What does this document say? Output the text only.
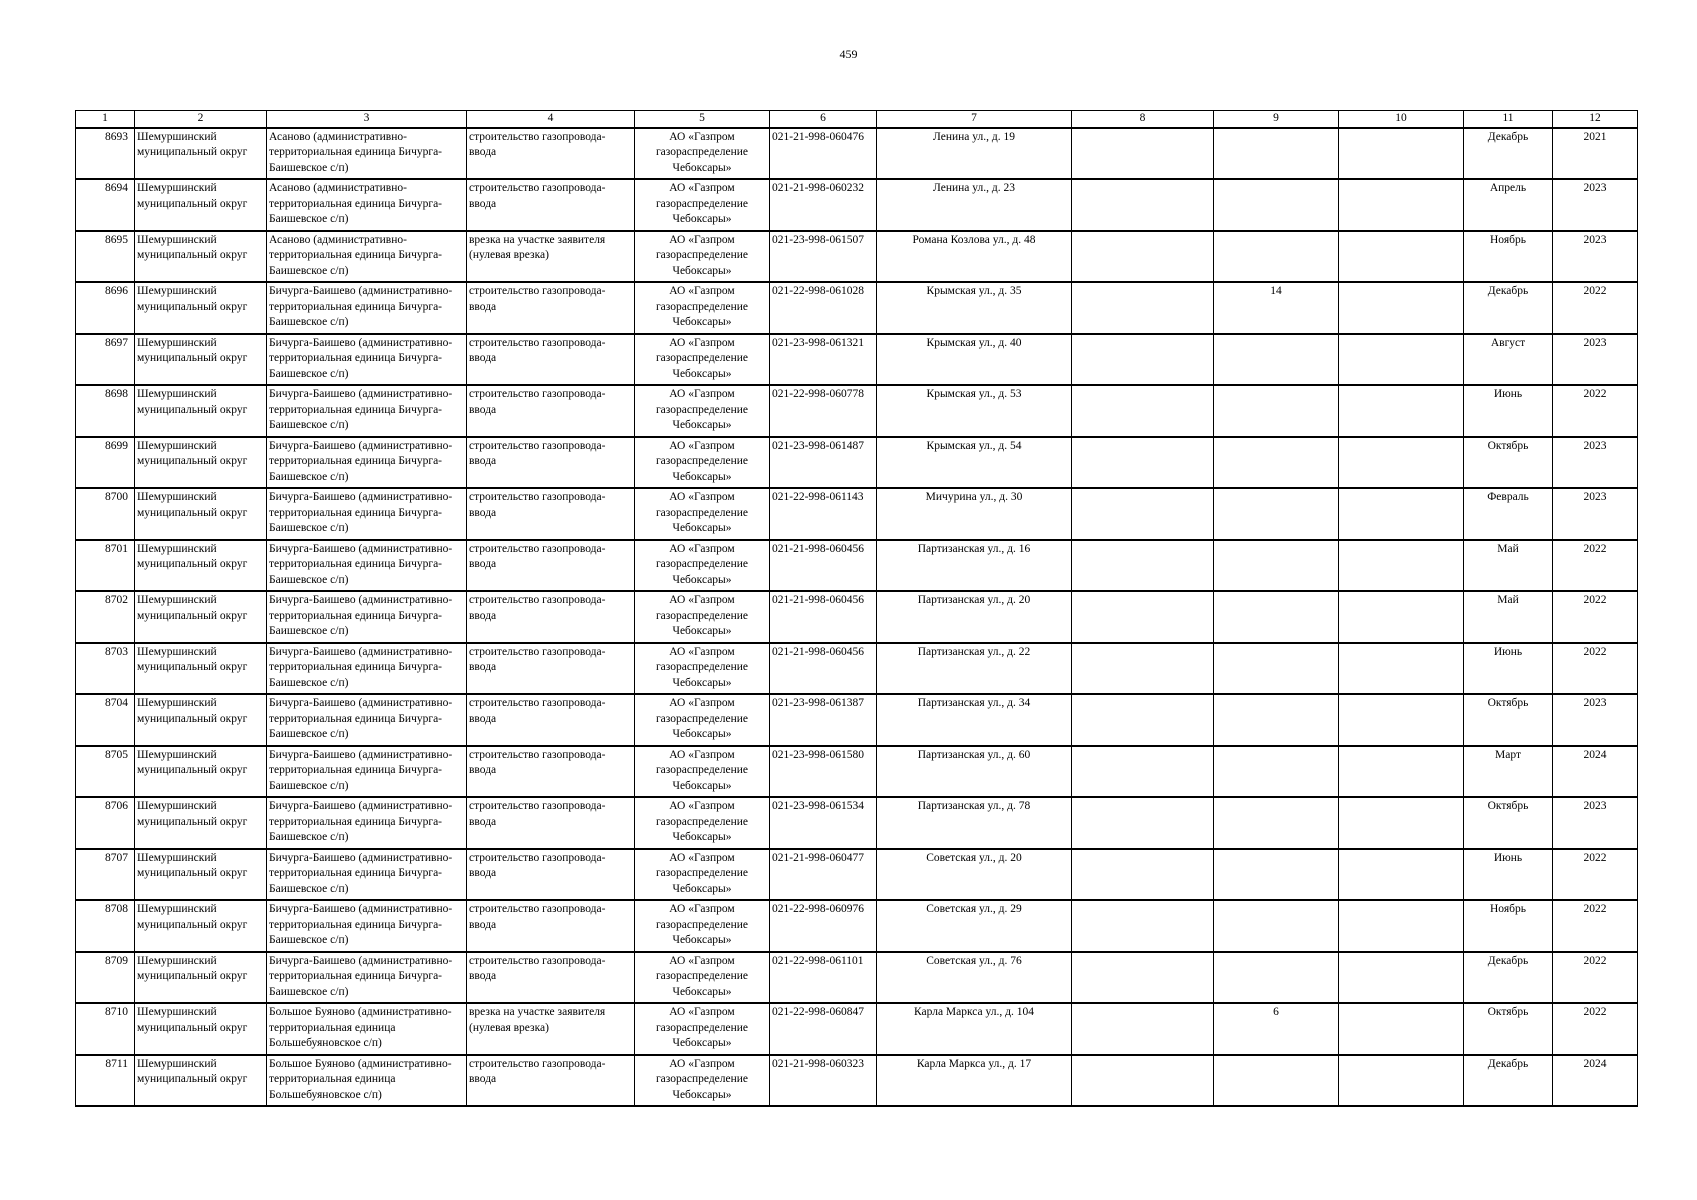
459
1	2	3	4	5	6	7	8	9	10	11	12
8693	Шемуршинский муниципальный округ	Асаново (административно-территориальная единица Бичурга-Баишевское с/п)	строительство газопровода-ввода	АО «Газпром газораспределение Чебоксары»	021-21-998-060476	Ленина ул., д. 19				Декабрь	2021
8694	Шемуршинский муниципальный округ	Асаново (административно-территориальная единица Бичурга-Баишевское с/п)	строительство газопровода-ввода	АО «Газпром газораспределение Чебоксары»	021-21-998-060232	Ленина ул., д. 23				Апрель	2023
8695	Шемуршинский муниципальный округ	Асаново (административно-территориальная единица Бичурга-Баишевское с/п)	врезка на участке заявителя (нулевая врезка)	АО «Газпром газораспределение Чебоксары»	021-23-998-061507	Романа Козлова ул., д. 48				Ноябрь	2023
8696	Шемуршинский муниципальный округ	Бичурга-Баишево (административно-территориальная единица Бичурга-Баишевское с/п)	строительство газопровода-ввода	АО «Газпром газораспределение Чебоксары»	021-22-998-061028	Крымская ул., д. 35		14		Декабрь	2022
8697	Шемуршинский муниципальный округ	Бичурга-Баишево (административно-территориальная единица Бичурга-Баишевское с/п)	строительство газопровода-ввода	АО «Газпром газораспределение Чебоксары»	021-23-998-061321	Крымская ул., д. 40				Август	2023
8698	Шемуршинский муниципальный округ	Бичурга-Баишево (административно-территориальная единица Бичурга-Баишевское с/п)	строительство газопровода-ввода	АО «Газпром газораспределение Чебоксары»	021-22-998-060778	Крымская ул., д. 53				Июнь	2022
8699	Шемуршинский муниципальный округ	Бичурга-Баишево (административно-территориальная единица Бичурга-Баишевское с/п)	строительство газопровода-ввода	АО «Газпром газораспределение Чебоксары»	021-23-998-061487	Крымская ул., д. 54				Октябрь	2023
8700	Шемуршинский муниципальный округ	Бичурга-Баишево (административно-территориальная единица Бичурга-Баишевское с/п)	строительство газопровода-ввода	АО «Газпром газораспределение Чебоксары»	021-22-998-061143	Мичурина ул., д. 30				Февраль	2023
8701	Шемуршинский муниципальный округ	Бичурга-Баишево (административно-территориальная единица Бичурга-Баишевское с/п)	строительство газопровода-ввода	АО «Газпром газораспределение Чебоксары»	021-21-998-060456	Партизанская ул., д. 16				Май	2022
8702	Шемуршинский муниципальный округ	Бичурга-Баишево (административно-территориальная единица Бичурга-Баишевское с/п)	строительство газопровода-ввода	АО «Газпром газораспределение Чебоксары»	021-21-998-060456	Партизанская ул., д. 20				Май	2022
8703	Шемуршинский муниципальный округ	Бичурга-Баишево (административно-территориальная единица Бичурга-Баишевское с/п)	строительство газопровода-ввода	АО «Газпром газораспределение Чебоксары»	021-21-998-060456	Партизанская ул., д. 22				Июнь	2022
8704	Шемуршинский муниципальный округ	Бичурга-Баишево (административно-территориальная единица Бичурга-Баишевское с/п)	строительство газопровода-ввода	АО «Газпром газораспределение Чебоксары»	021-23-998-061387	Партизанская ул., д. 34				Октябрь	2023
8705	Шемуршинский муниципальный округ	Бичурга-Баишево (административно-территориальная единица Бичурга-Баишевское с/п)	строительство газопровода-ввода	АО «Газпром газораспределение Чебоксары»	021-23-998-061580	Партизанская ул., д. 60				Март	2024
8706	Шемуршинский муниципальный округ	Бичурга-Баишево (административно-территориальная единица Бичурга-Баишевское с/п)	строительство газопровода-ввода	АО «Газпром газораспределение Чебоксары»	021-23-998-061534	Партизанская ул., д. 78				Октябрь	2023
8707	Шемуршинский муниципальный округ	Бичурга-Баишево (административно-территориальная единица Бичурга-Баишевское с/п)	строительство газопровода-ввода	АО «Газпром газораспределение Чебоксары»	021-21-998-060477	Советская ул., д. 20				Июнь	2022
8708	Шемуршинский муниципальный округ	Бичурга-Баишево (административно-территориальная единица Бичурга-Баишевское с/п)	строительство газопровода-ввода	АО «Газпром газораспределение Чебоксары»	021-22-998-060976	Советская ул., д. 29				Ноябрь	2022
8709	Шемуршинский муниципальный округ	Бичурга-Баишево (административно-территориальная единица Бичурга-Баишевское с/п)	строительство газопровода-ввода	АО «Газпром газораспределение Чебоксары»	021-22-998-061101	Советская ул., д. 76				Декабрь	2022
8710	Шемуршинский муниципальный округ	Большое Буяново (административно-территориальная единица Большебуяновское с/п)	врезка на участке заявителя (нулевая врезка)	АО «Газпром газораспределение Чебоксары»	021-22-998-060847	Карла Маркса ул., д. 104		6		Октябрь	2022
8711	Шемуршинский муниципальный округ	Большое Буяново (административно-территориальная единица Большебуяновское с/п)	строительство газопровода-ввода	АО «Газпром газораспределение Чебоксары»	021-21-998-060323	Карла Маркса ул., д. 17				Декабрь	2024
